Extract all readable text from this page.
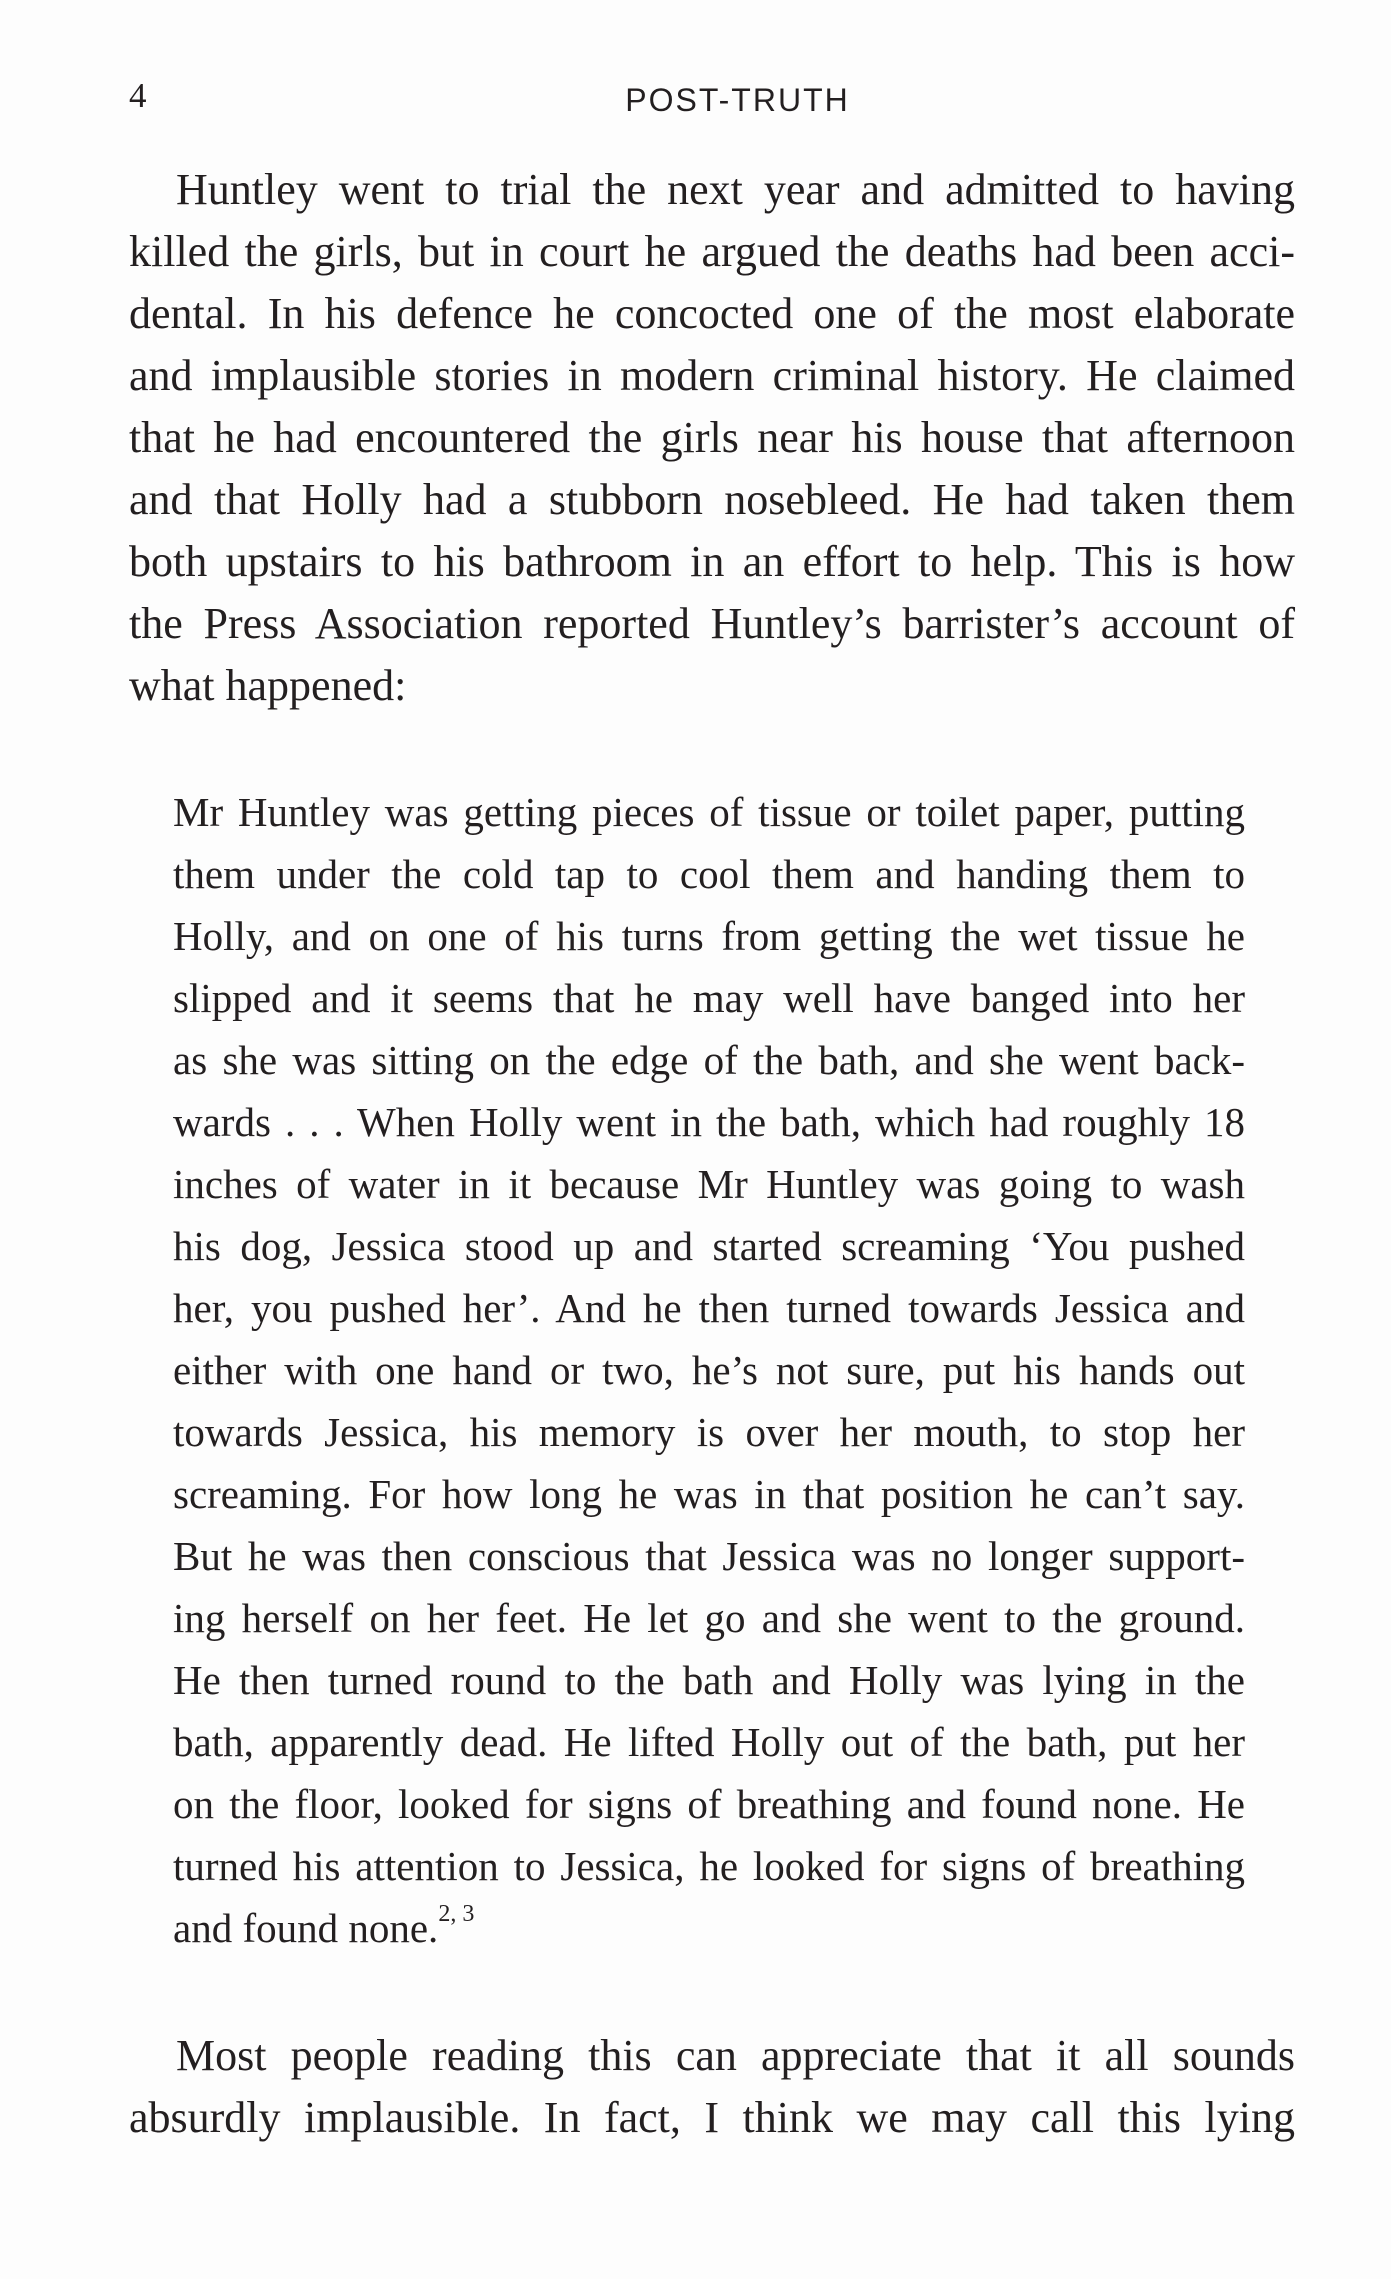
4	POST-TRUTH

Huntley went to trial the next year and admitted to having

killed the girls, but in court he argued the deaths had been acci-

dental. In his defence he concocted one of the most elaborate

and implausible stories in modern criminal history. He claimed

that he had encountered the girls near his house that afternoon

and that Holly had a stubborn nosebleed. He had taken them

both upstairs to his bathroom in an effort to help. This is how

the Press Association reported Huntley’s barrister’s account of

what happened:

Mr Huntley was getting pieces of tissue or toilet paper, putting

them under the cold tap to cool them and handing them to

Holly, and on one of his turns from getting the wet tissue he

slipped and it seems that he may well have banged into her

as she was sitting on the edge of the bath, and she went back-

wards . . . When Holly went in the bath, which had roughly 18

inches of water in it because Mr Huntley was going to wash

his dog, Jessica stood up and started screaming ‘You pushed

her, you pushed her’. And he then turned towards Jessica and

either with one hand or two, he’s not sure, put his hands out

towards Jessica, his memory is over her mouth, to stop her

screaming. For how long he was in that position he can’t say.

But he was then conscious that Jessica was no longer support-

ing herself on her feet. He let go and she went to the ground.

He then turned round to the bath and Holly was lying in the

bath, apparently dead. He lifted Holly out of the bath, put her

on the floor, looked for signs of breathing and found none. He

turned his attention to Jessica, he looked for signs of breathing

and found none.$^{2, 3}$

Most people reading this can appreciate that it all sounds

absurdly implausible. In fact, I think we may call this lying
